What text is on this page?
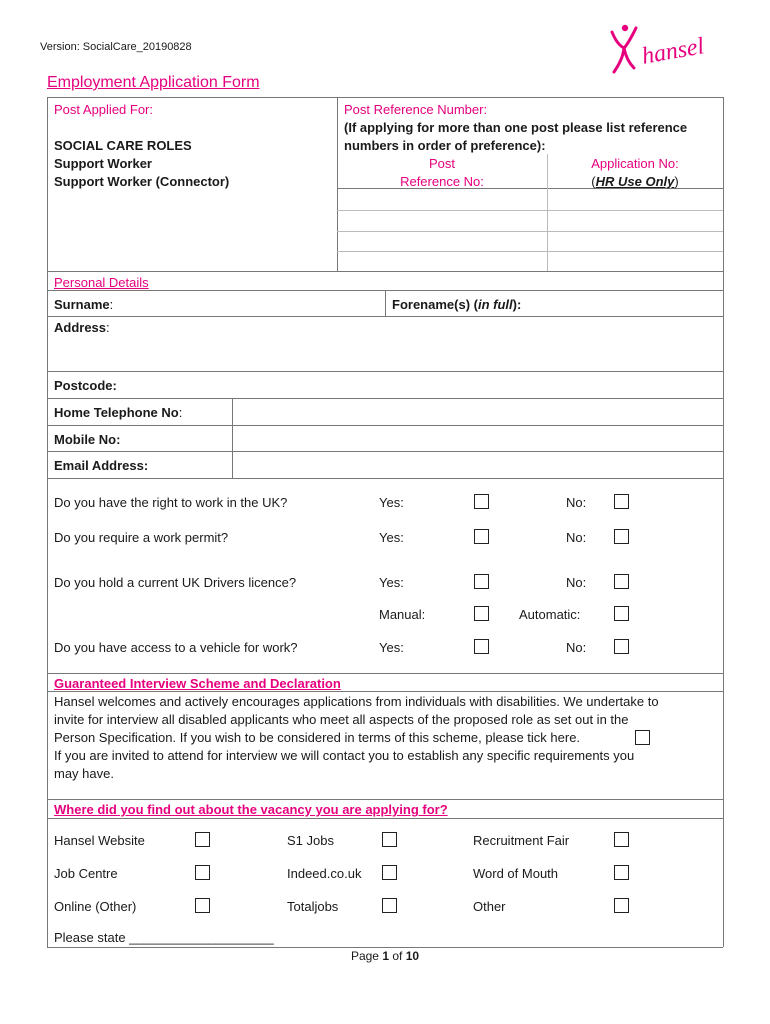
Version: SocialCare_20190828	hansel
Employment Application Form
Post Applied For:
SOCIAL CARE ROLES
Support Worker
Support Worker (Connector)
Post Reference Number:
(If applying for more than one post please list reference
numbers in order of preference):
Post
Reference No:
Application No:
(HR Use Only)
Personal Details
Surname:	Forename(s) (in full):
Address:
Postcode:
Home Telephone No:
Mobile No:
Email Address:
Do you have the right to work in the UK?	Yes:	No:
Do you require a work permit?	Yes:	No:
Do you hold a current UK Drivers licence?	Yes:	No:
Manual:	Automatic:
Do you have access to a vehicle for work?	Yes:	No:
Guaranteed Interview Scheme and Declaration
Hansel welcomes and actively encourages applications from individuals with disabilities. We undertake to
invite for interview all disabled applicants who meet all aspects of the proposed role as set out in the
Person Specification. If you wish to be considered in terms of this scheme, please tick here.
If you are invited to attend for interview we will contact you to establish any specific requirements you
may have.
Where did you find out about the vacancy you are applying for?
Hansel Website	S1 Jobs	Recruitment Fair
Job Centre	Indeed.co.uk	Word of Mouth
Online (Other)	Totaljobs	Other
Please state ____________________
Page 1 of 10
